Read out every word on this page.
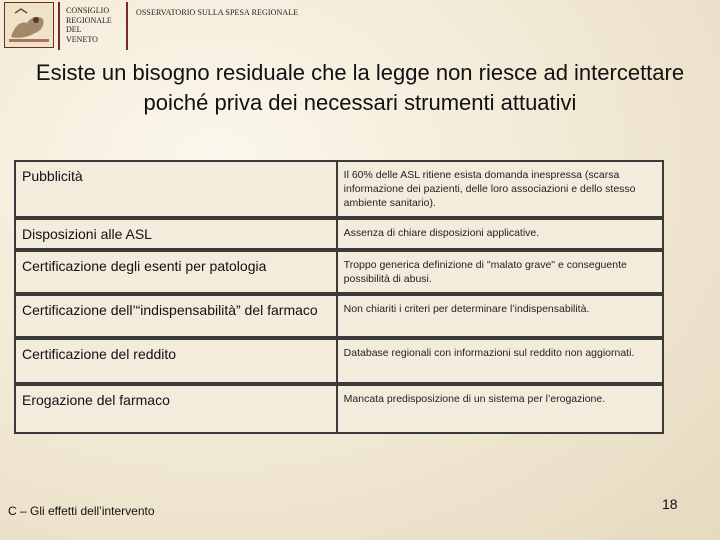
CONSIGLIO
REGIONALE
DEL
VENETO
OSSERVATORIO SULLA SPESA REGIONALE
Esiste un bisogno residuale che la legge non riesce ad intercettare poiché priva dei necessari strumenti attuativi
Pubblicità	Il 60% delle ASL ritiene esista domanda inespressa (scarsa informazione dei pazienti, delle loro associazioni e dello stesso ambiente sanitario).
Disposizioni alle ASL	Assenza di chiare disposizioni applicative.
Certificazione degli esenti per patologia	Troppo generica definizione di "malato grave" e conseguente possibilità di abusi.
Certificazione dell’“indispensabilità” del farmaco	Non chiariti i criteri per determinare l’indispensabilità.
Certificazione del reddito	Database regionali con informazioni sul reddito non aggiornati.
Erogazione del farmaco	Mancata predisposizione di un sistema per l’erogazione.
C – Gli effetti dell’intervento	18
